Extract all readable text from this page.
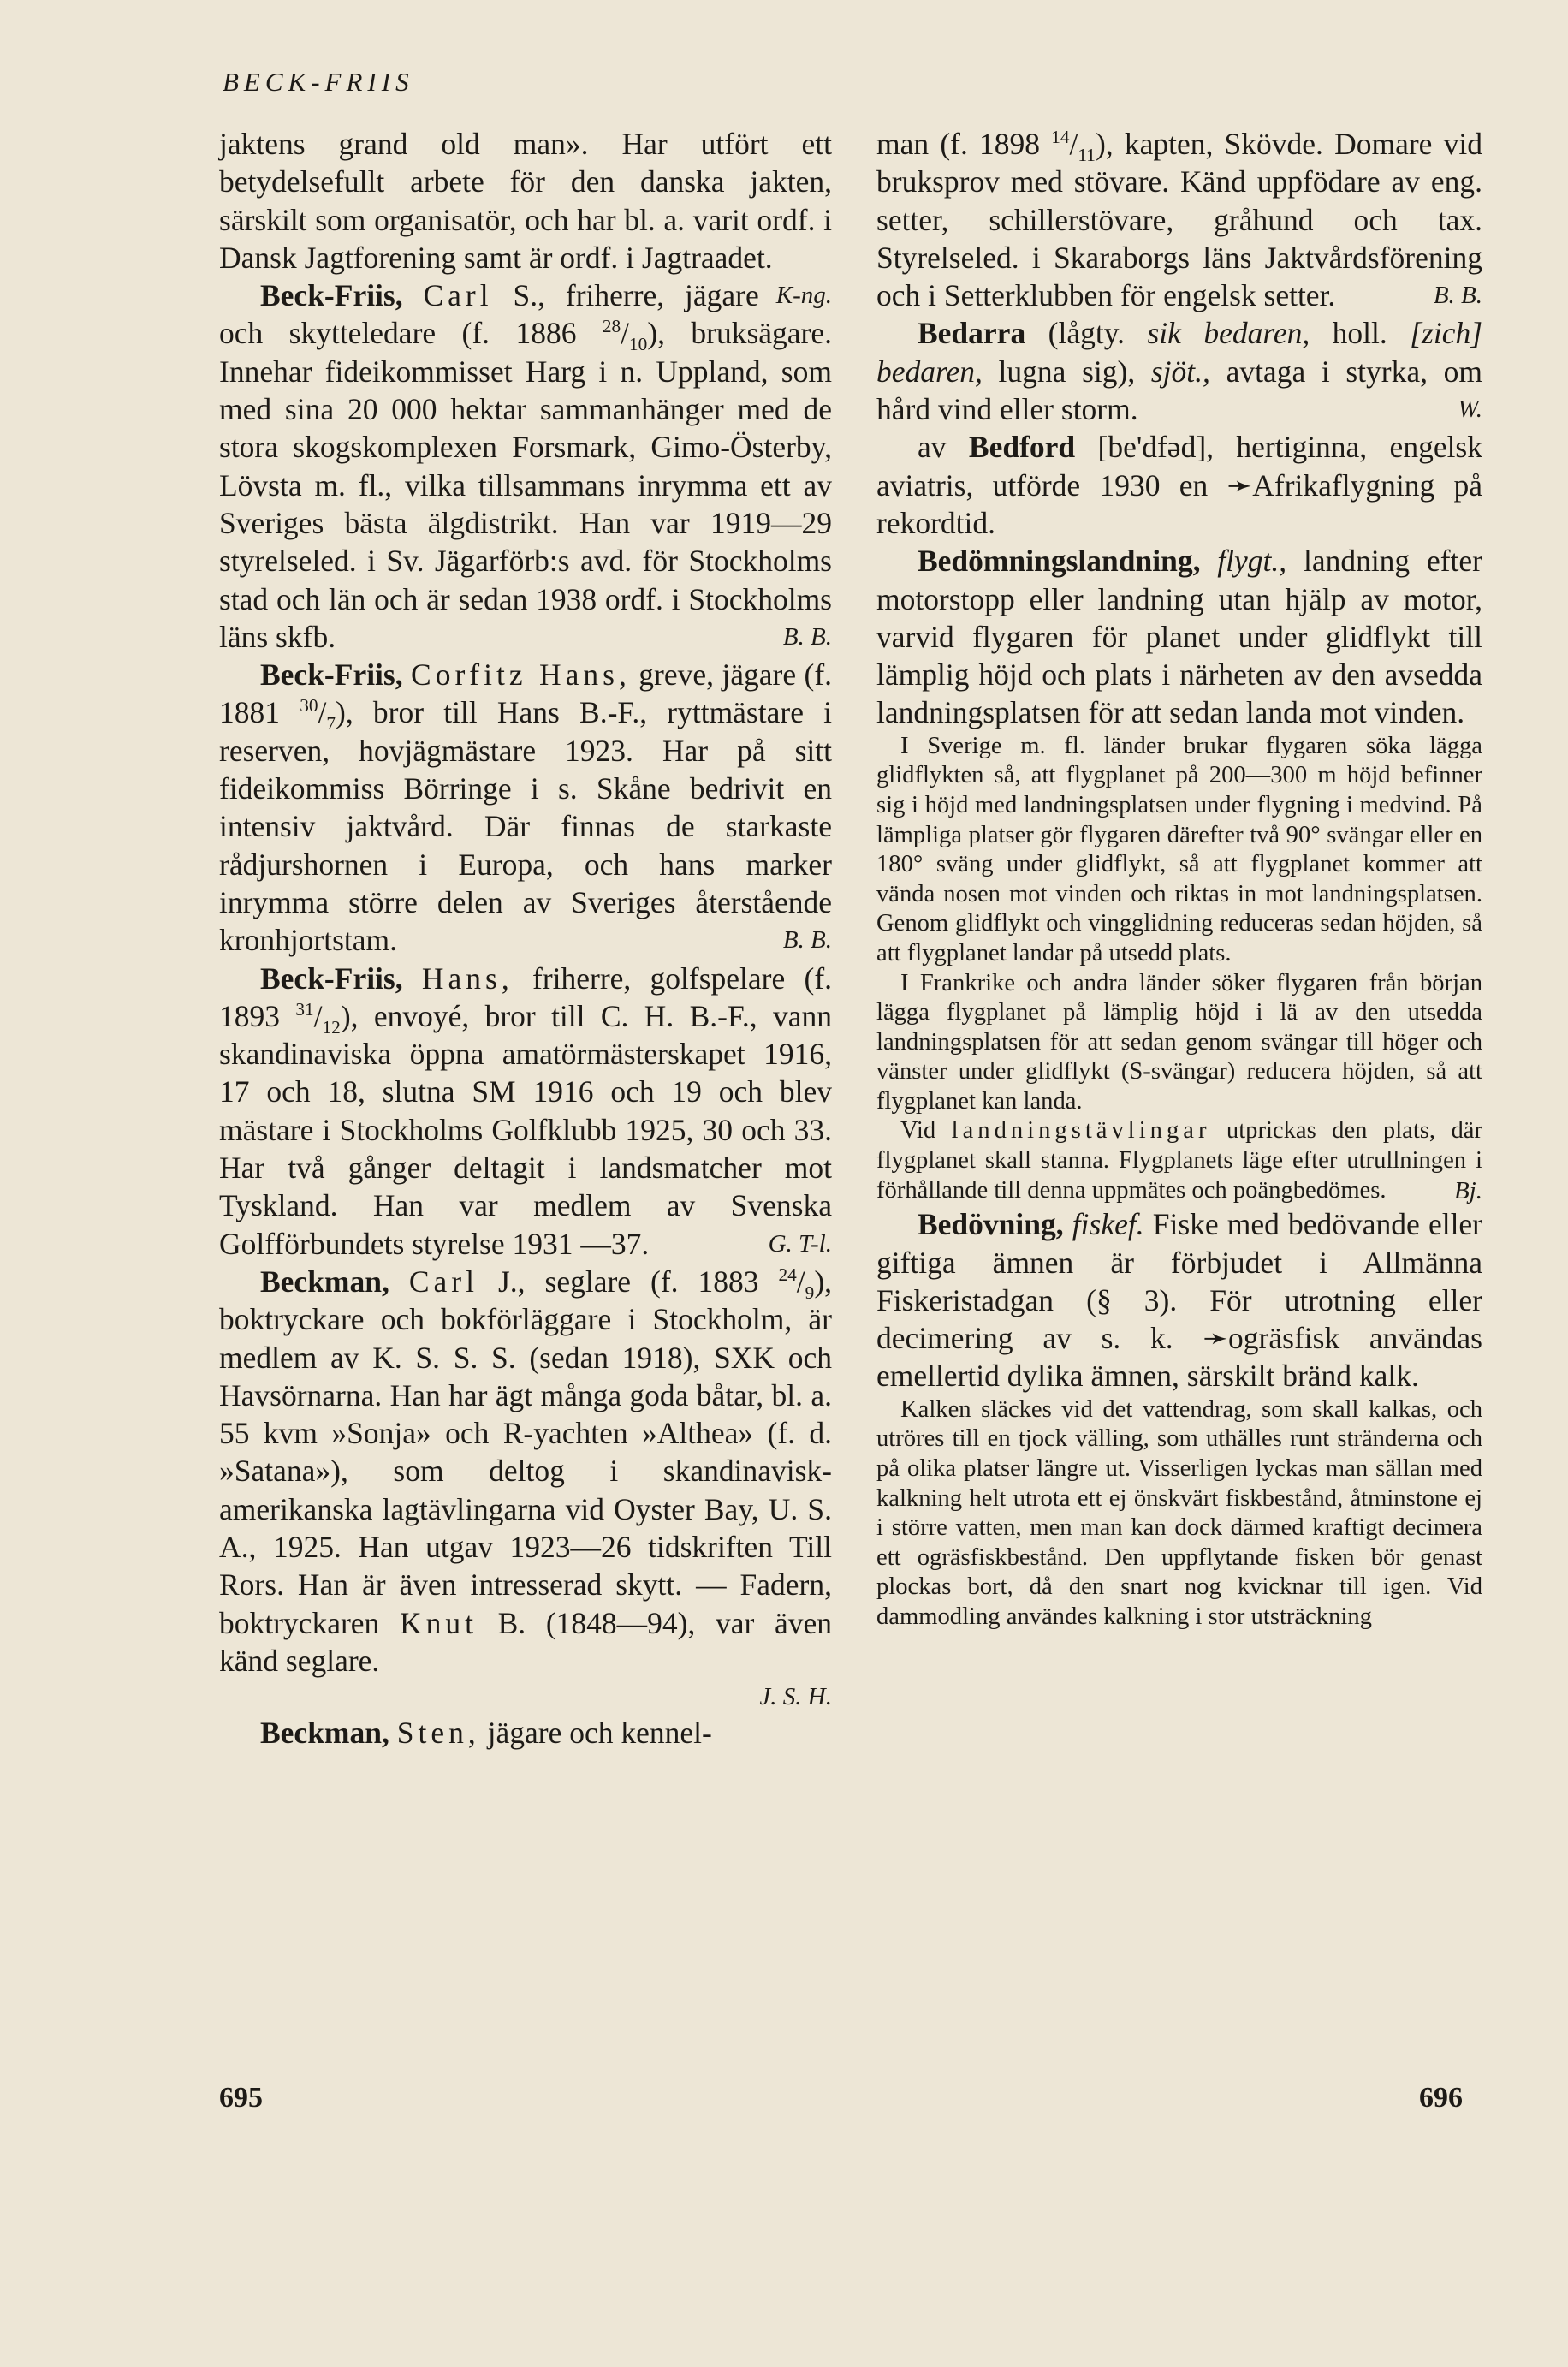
BECK-FRIIS

jaktens grand old man». Har utfört ett betydelsefullt arbete för den danska jakten, särskilt som organisatör, och har bl. a. varit ordf. i Dansk Jagtforening samt är ordf. i Jagtraadet.
K-ng.

Beck-Friis, Carl S., friherre, jägare och skytteledare (f. 1886 $^{28}/_{10}$), bruksägare. Innehar fideikommisset Harg i n. Uppland, som med sina 20 000 hektar sammanhänger med de stora skogskomplexen Forsmark, Gimo-Österby, Lövsta m. fl., vilka tillsammans inrymma ett av Sveriges bästa älgdistrikt. Han var 1919—29 styrelseled. i Sv. Jägarförb:s avd. för Stockholms stad och län och är sedan 1938 ordf. i Stockholms läns skfb.	B. B.

Beck-Friis, Corfitz Hans, greve, jägare (f. 1881 $^{30}/_7$), bror till Hans B.-F., ryttmästare i reserven, hovjägmästare 1923. Har på sitt fideikommiss Börringe i s. Skåne bedrivit en intensiv jaktvård. Där finnas de starkaste rådjurshornen i Europa, och hans marker inrymma större delen av Sveriges återstående kronhjortstam.	B. B.

Beck-Friis, Hans, friherre, golfspelare (f. 1893 $^{31}/_{12}$), envoyé, bror till C. H. B.-F., vann skandinaviska öppna amatörmästerskapet 1916, 17 och 18, slutna SM 1916 och 19 och blev mästare i Stockholms Golfklubb 1925, 30 och 33. Har två gånger deltagit i landsmatcher mot Tyskland. Han var medlem av Svenska Golfförbundets styrelse 1931 —37.	G. T-l.

Beckman, Carl J., seglare (f. 1883 $^{24}/_9$), boktryckare och bokförläggare i Stockholm, är medlem av K. S. S. S. (sedan 1918), SXK och Havsörnarna. Han har ägt många goda båtar, bl. a. 55 kvm »Sonja» och R-yachten »Althea» (f. d. »Satana»), som deltog i skandinavisk-amerikanska lagtävlingarna vid Oyster Bay, U. S. A., 1925. Han utgav 1923—26 tidskriften Till Rors. Han är även intresserad skytt. — Fadern, boktryckaren Knut B. (1848—94), var även känd seglare.

J. S. H.

Beckman, Sten, jägare och kennel-

man (f. 1898 $^{14}/_{11}$), kapten, Skövde. Domare vid bruksprov med stövare. Känd uppfödare av eng. setter, schillerstövare, gråhund och tax. Styrelseled. i Skaraborgs läns Jaktvårdsförening och i Setterklubben för engelsk setter.	B. B.

Bedarra (lågty. sik bedaren, holl. [zich] bedaren, lugna sig), sjöt., avtaga i styrka, om hård vind eller storm.	W.

av Bedford [be'dfəd], hertiginna, engelsk aviatris, utförde 1930 en ➛Afrikaflygning på rekordtid.

Bedömningslandning, flygt., landning efter motorstopp eller landning utan hjälp av motor, varvid flygaren för planet under glidflykt till lämplig höjd och plats i närheten av den avsedda landningsplatsen för att sedan landa mot vinden.

I Sverige m. fl. länder brukar flygaren söka lägga glidflykten så, att flygplanet på 200—300 m höjd befinner sig i höjd med landningsplatsen under flygning i medvind. På lämpliga platser gör flygaren därefter två 90° svängar eller en 180° sväng under glidflykt, så att flygplanet kommer att vända nosen mot vinden och riktas in mot landningsplatsen. Genom glidflykt och vingglidning reduceras sedan höjden, så att flygplanet landar på utsedd plats.

I Frankrike och andra länder söker flygaren från början lägga flygplanet på lämplig höjd i lä av den utsedda landningsplatsen för att sedan genom svängar till höger och vänster under glidflykt (S-svängar) reducera höjden, så att flygplanet kan landa.

Vid landningstävlingar utprickas den plats, där flygplanet skall stanna. Flygplanets läge efter utrullningen i förhållande till denna uppmätes och poängbedömes.	Bj.

Bedövning, fiskef. Fiske med bedövande eller giftiga ämnen är förbjudet i Allmänna Fiskeristadgan (§ 3). För utrotning eller decimering av s. k. ➛ogräsfisk användas emellertid dylika ämnen, särskilt bränd kalk.

Kalken släckes vid det vattendrag, som skall kalkas, och utröres till en tjock välling, som uthälles runt stränderna och på olika platser längre ut. Visserligen lyckas man sällan med kalkning helt utrota ett ej önskvärt fiskbestånd, åtminstone ej i större vatten, men man kan dock därmed kraftigt decimera ett ogräsfiskbestånd. Den uppflytande fisken bör genast plockas bort, då den snart nog kvicknar till igen. Vid dammodling användes kalkning i stor utsträckning

695	696
